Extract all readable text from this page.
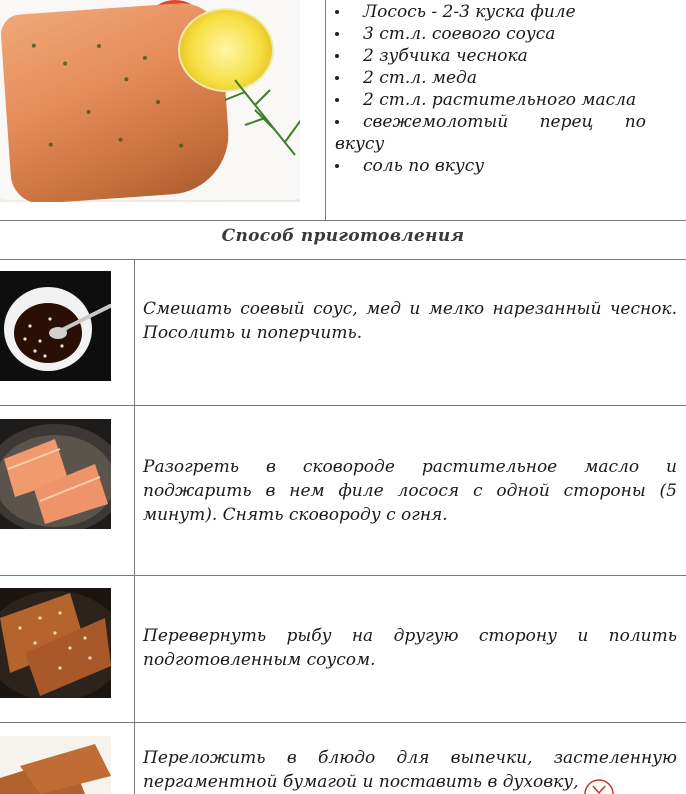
Лосось - 2-3 куска филе
3 ст.л. соевого соуса
2 зубчика чеснока
2 ст.л. меда
2 ст.л. растительного масла
свежемолотый перец по
вкусу
соль по вкусу
Способ приготовления
Смешать соевый соус, мед и мелко нарезанный чеснок. Посолить и поперчить.
Разогреть в сковороде растительное масло и поджарить в нем филе лосося с одной стороны (5 минут). Снять сковороду с огня.
Перевернуть рыбу на другую сторону и полить подготовленным соусом.
Переложить в блюдо для выпечки, застеленную пергаментной бумагой и поставить в духовку,
